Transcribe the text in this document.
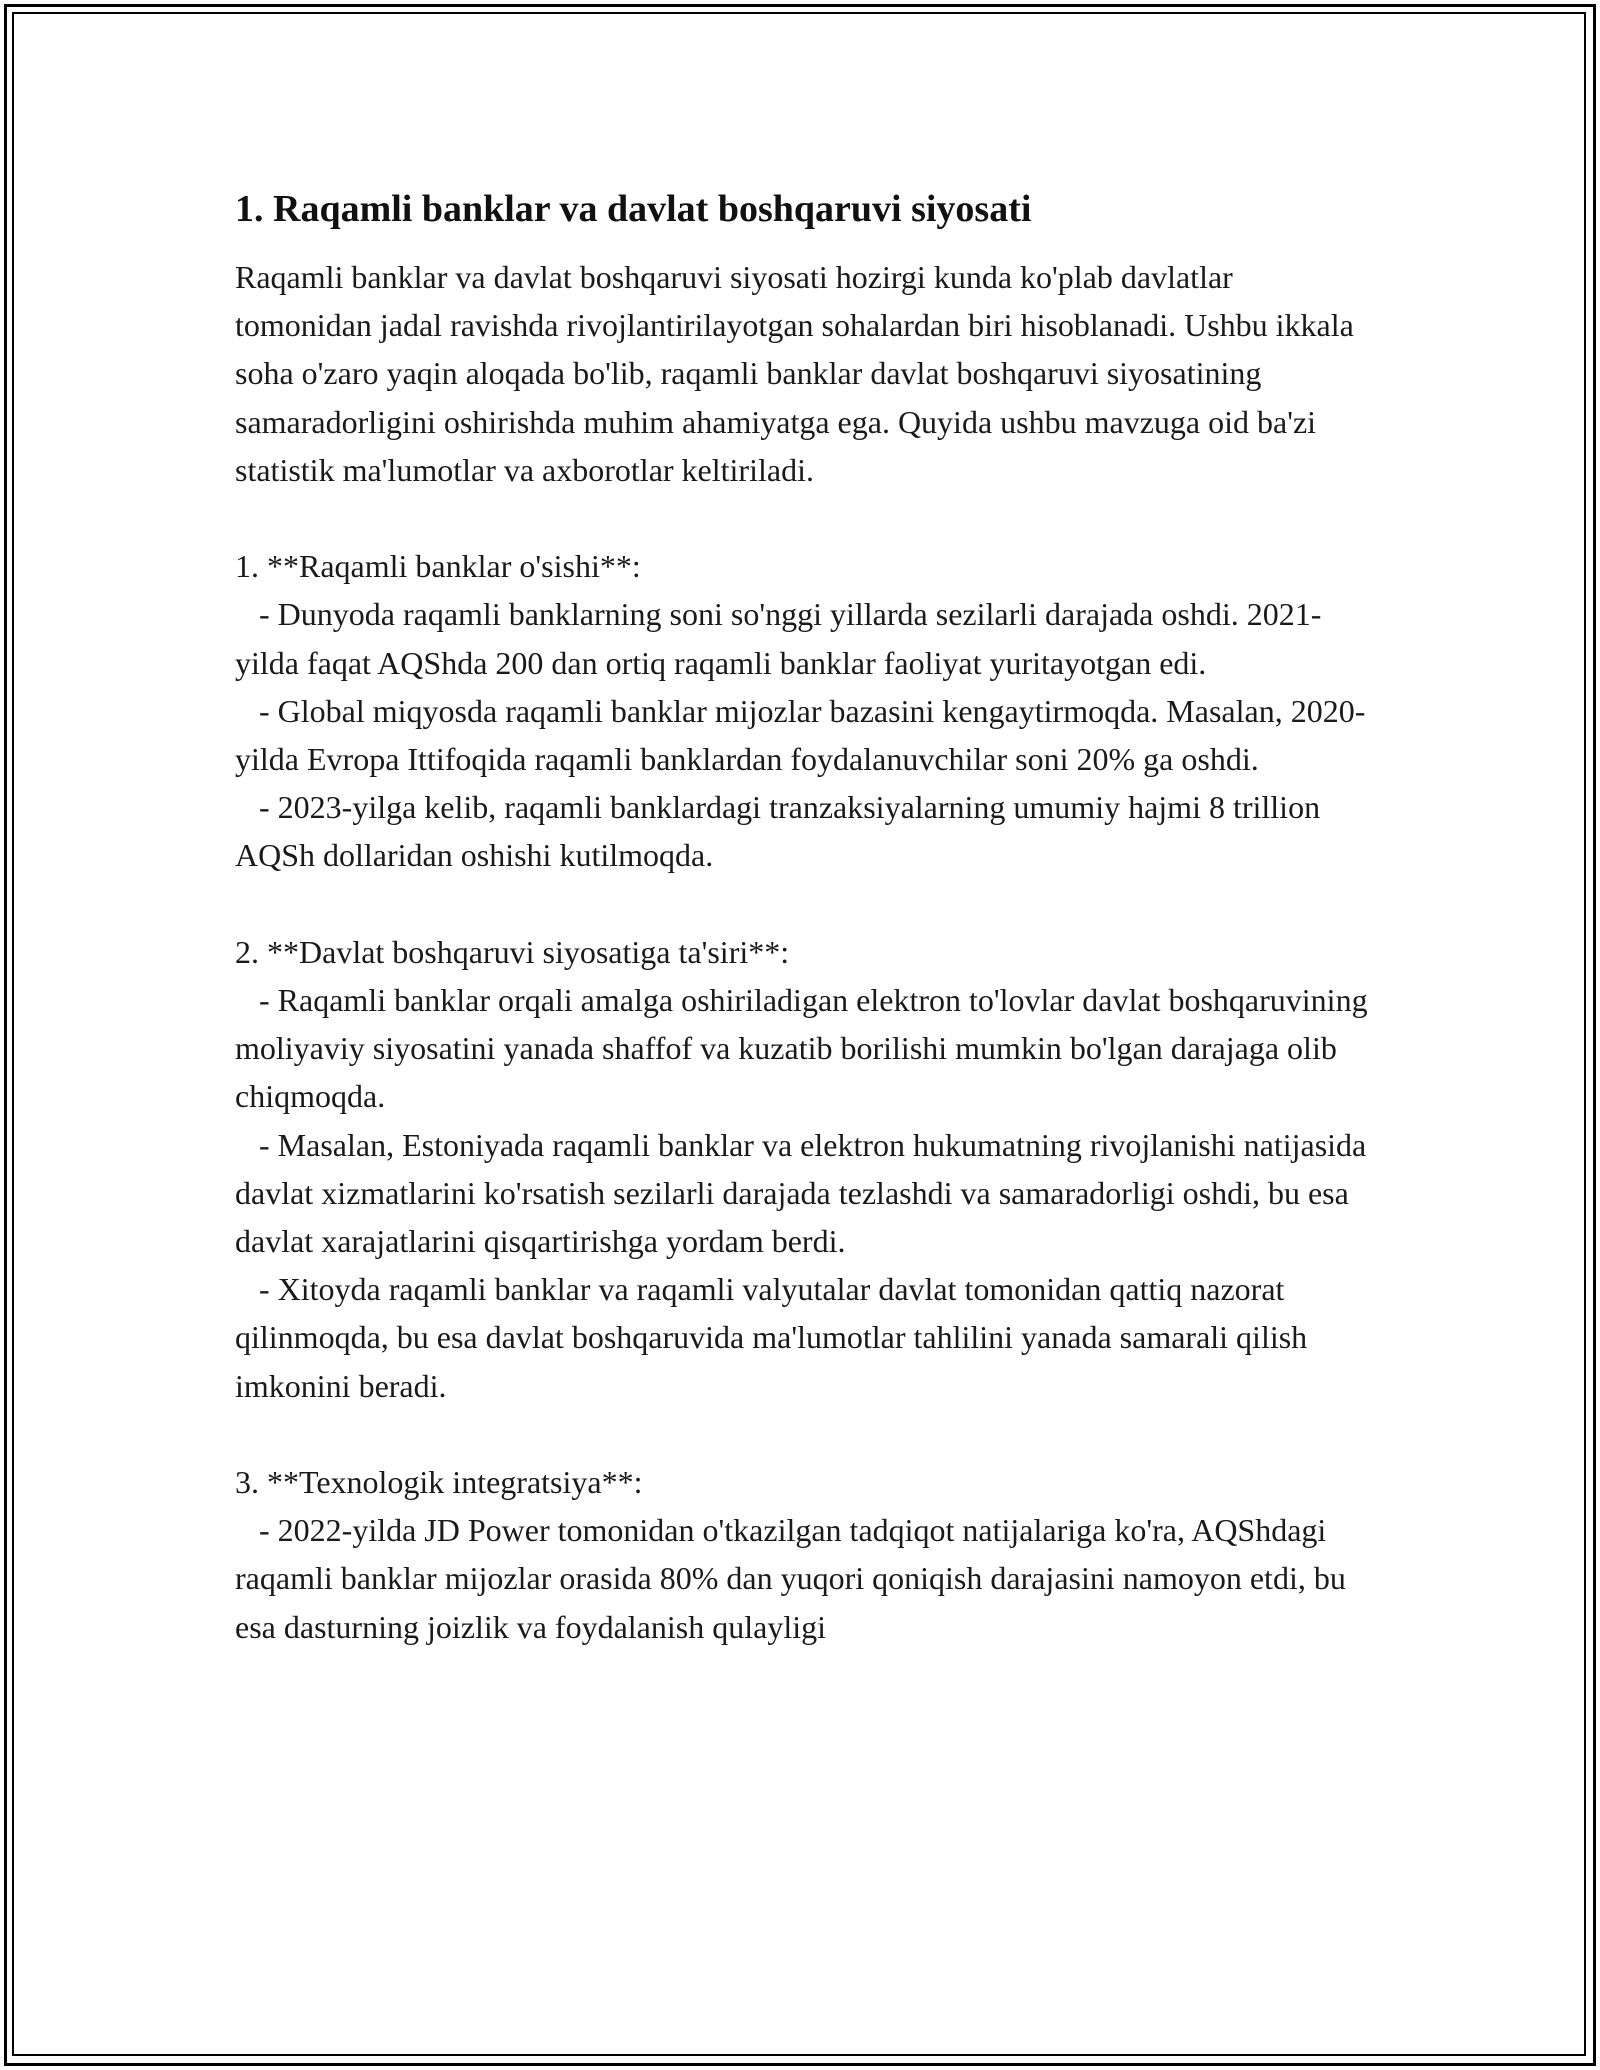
1. Raqamli banklar va davlat boshqaruvi siyosati

Raqamli banklar va davlat boshqaruvi siyosati hozirgi kunda ko'plab davlatlar tomonidan jadal ravishda rivojlantirilayotgan sohalardan biri hisoblanadi. Ushbu ikkala soha o'zaro yaqin aloqada bo'lib, raqamli banklar davlat boshqaruvi siyosatining samaradorligini oshirishda muhim ahamiyatga ega. Quyida ushbu mavzuga oid ba'zi statistik ma'lumotlar va axborotlar keltiriladi.

1. **Raqamli banklar o'sishi**:

- Dunyoda raqamli banklarning soni so'nggi yillarda sezilarli darajada oshdi. 2021-yilda faqat AQShda 200 dan ortiq raqamli banklar faoliyat yuritayotgan edi.

- Global miqyosda raqamli banklar mijozlar bazasini kengaytirmoqda. Masalan, 2020-yilda Evropa Ittifoqida raqamli banklardan foydalanuvchilar soni 20% ga oshdi.

- 2023-yilga kelib, raqamli banklardagi tranzaksiyalarning umumiy hajmi 8 trillion AQSh dollaridan oshishi kutilmoqda.

2. **Davlat boshqaruvi siyosatiga ta'siri**:

- Raqamli banklar orqali amalga oshiriladigan elektron to'lovlar davlat boshqaruvining moliyaviy siyosatini yanada shaffof va kuzatib borilishi mumkin bo'lgan darajaga olib chiqmoqda.

- Masalan, Estoniyada raqamli banklar va elektron hukumatning rivojlanishi natijasida davlat xizmatlarini ko'rsatish sezilarli darajada tezlashdi va samaradorligi oshdi, bu esa davlat xarajatlarini qisqartirishga yordam berdi.

- Xitoyda raqamli banklar va raqamli valyutalar davlat tomonidan qattiq nazorat qilinmoqda, bu esa davlat boshqaruvida ma'lumotlar tahlilini yanada samarali qilish imkonini beradi.

3. **Texnologik integratsiya**:

- 2022-yilda JD Power tomonidan o'tkazilgan tadqiqot natijalariga ko'ra, AQShdagi raqamli banklar mijozlar orasida 80% dan yuqori qoniqish darajasini namoyon etdi, bu esa dasturning joizlik va foydalanish qulayligi
